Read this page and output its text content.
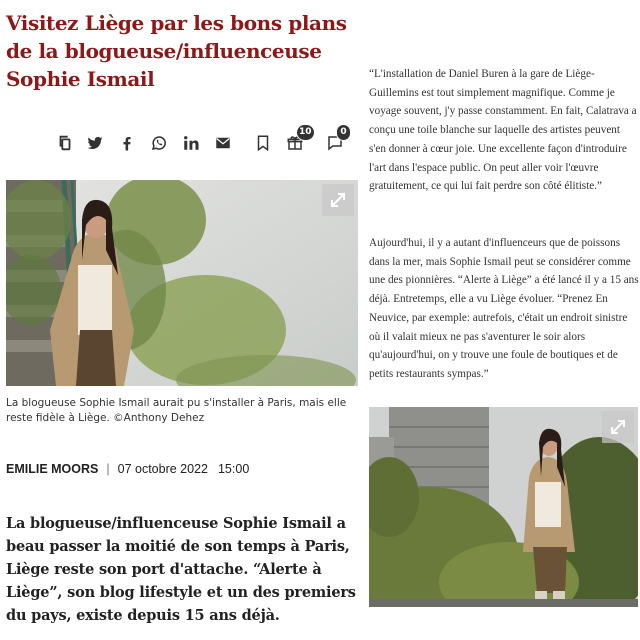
Visitez Liège par les bons plans de la blogueuse/influenceuse Sophie Ismail
10	0

La blogueuse Sophie Ismail aurait pu s'installer à Paris, mais elle reste fidèle à Liège. ©Anthony Dehez

EMILIE MOORS | 07 octobre 2022 15:00

La blogueuse/influenceuse Sophie Ismail a beau passer la moitié de son temps à Paris, Liège reste son port d'attache. “Alerte à Liège”, son blog lifestyle et un des premiers du pays, existe depuis 15 ans déjà.

“L'installation de Daniel Buren à la gare de Liège-Guillemins est tout simplement magnifique. Comme je voyage souvent, j'y passe constamment. En fait, Calatrava a conçu une toile blanche sur laquelle des artistes peuvent s'en donner à cœur joie. Une excellente façon d'introduire l'art dans l'espace public. On peut aller voir l'œuvre gratuitement, ce qui lui fait perdre son côté élitiste.”

Aujourd'hui, il y a autant d'influenceurs que de poissons dans la mer, mais Sophie Ismail peut se considérer comme une des pionnières. “Alerte à Liège” a été lancé il y a 15 ans déjà. Entretemps, elle a vu Liège évoluer. “Prenez En Neuvice, par exemple: autrefois, c'était un endroit sinistre où il valait mieux ne pas s'aventurer le soir alors qu'aujourd'hui, on y trouve une foule de boutiques et de petits restaurants sympas.”
